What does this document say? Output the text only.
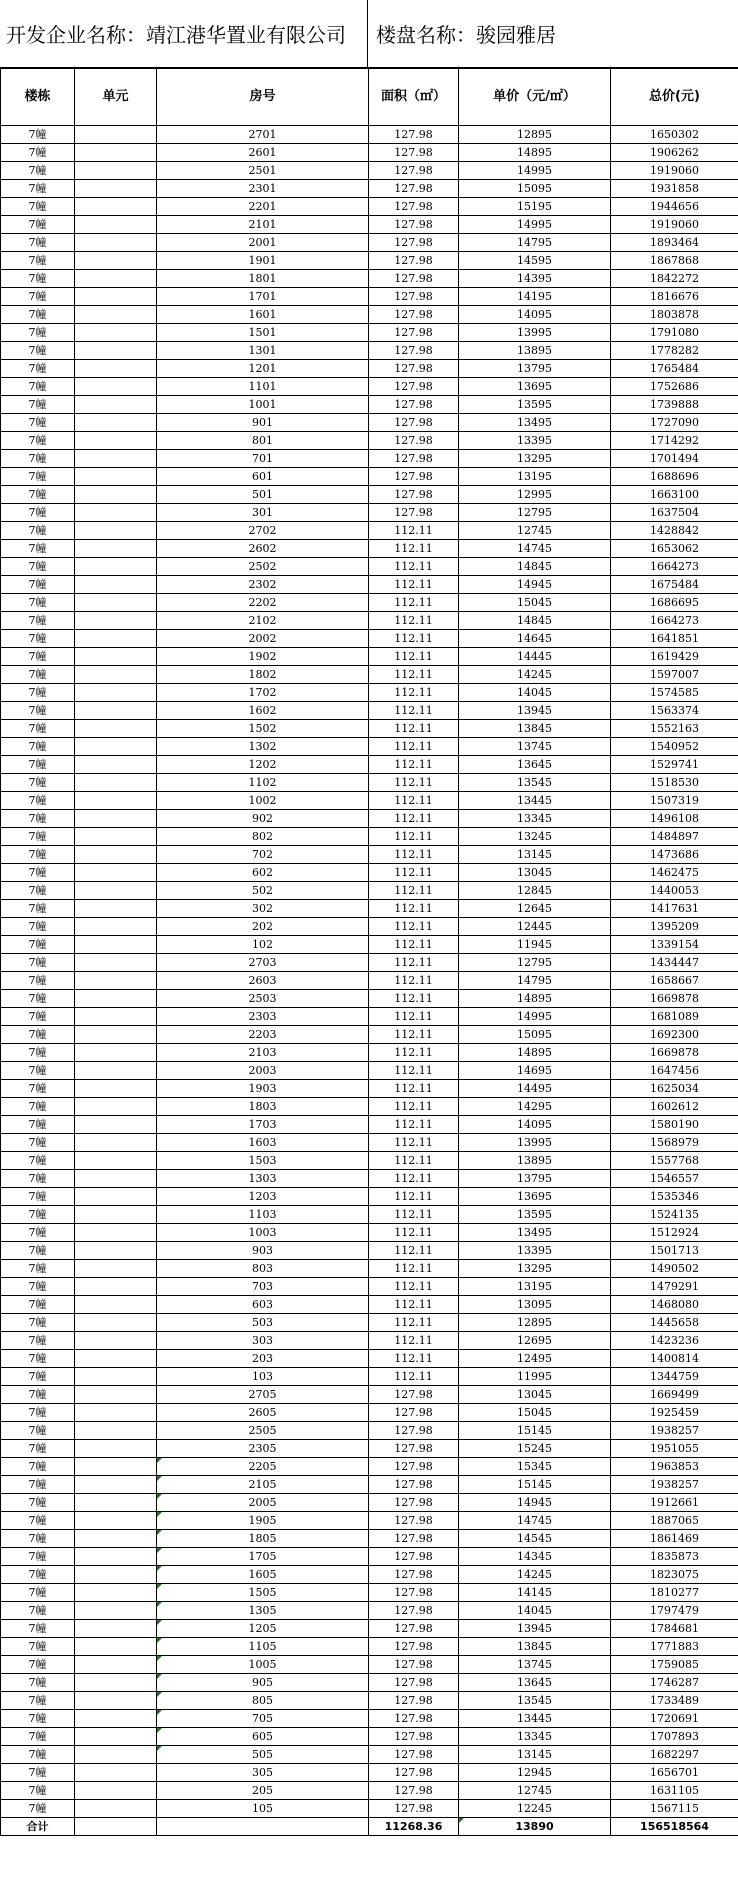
开发企业名称：靖江港华置业有限公司	楼盘名称：骏园雅居
楼栋	单元	房号	面积（㎡）	单价（元/㎡）	总价(元)
7幢		2701	127.98	12895	1650302
7幢		2601	127.98	14895	1906262
7幢		2501	127.98	14995	1919060
7幢		2301	127.98	15095	1931858
7幢		2201	127.98	15195	1944656
7幢		2101	127.98	14995	1919060
7幢		2001	127.98	14795	1893464
7幢		1901	127.98	14595	1867868
7幢		1801	127.98	14395	1842272
7幢		1701	127.98	14195	1816676
7幢		1601	127.98	14095	1803878
7幢		1501	127.98	13995	1791080
7幢		1301	127.98	13895	1778282
7幢		1201	127.98	13795	1765484
7幢		1101	127.98	13695	1752686
7幢		1001	127.98	13595	1739888
7幢		901	127.98	13495	1727090
7幢		801	127.98	13395	1714292
7幢		701	127.98	13295	1701494
7幢		601	127.98	13195	1688696
7幢		501	127.98	12995	1663100
7幢		301	127.98	12795	1637504
7幢		2702	112.11	12745	1428842
7幢		2602	112.11	14745	1653062
7幢		2502	112.11	14845	1664273
7幢		2302	112.11	14945	1675484
7幢		2202	112.11	15045	1686695
7幢		2102	112.11	14845	1664273
7幢		2002	112.11	14645	1641851
7幢		1902	112.11	14445	1619429
7幢		1802	112.11	14245	1597007
7幢		1702	112.11	14045	1574585
7幢		1602	112.11	13945	1563374
7幢		1502	112.11	13845	1552163
7幢		1302	112.11	13745	1540952
7幢		1202	112.11	13645	1529741
7幢		1102	112.11	13545	1518530
7幢		1002	112.11	13445	1507319
7幢		902	112.11	13345	1496108
7幢		802	112.11	13245	1484897
7幢		702	112.11	13145	1473686
7幢		602	112.11	13045	1462475
7幢		502	112.11	12845	1440053
7幢		302	112.11	12645	1417631
7幢		202	112.11	12445	1395209
7幢		102	112.11	11945	1339154
7幢		2703	112.11	12795	1434447
7幢		2603	112.11	14795	1658667
7幢		2503	112.11	14895	1669878
7幢		2303	112.11	14995	1681089
7幢		2203	112.11	15095	1692300
7幢		2103	112.11	14895	1669878
7幢		2003	112.11	14695	1647456
7幢		1903	112.11	14495	1625034
7幢		1803	112.11	14295	1602612
7幢		1703	112.11	14095	1580190
7幢		1603	112.11	13995	1568979
7幢		1503	112.11	13895	1557768
7幢		1303	112.11	13795	1546557
7幢		1203	112.11	13695	1535346
7幢		1103	112.11	13595	1524135
7幢		1003	112.11	13495	1512924
7幢		903	112.11	13395	1501713
7幢		803	112.11	13295	1490502
7幢		703	112.11	13195	1479291
7幢		603	112.11	13095	1468080
7幢		503	112.11	12895	1445658
7幢		303	112.11	12695	1423236
7幢		203	112.11	12495	1400814
7幢		103	112.11	11995	1344759
7幢		2705	127.98	13045	1669499
7幢		2605	127.98	15045	1925459
7幢		2505	127.98	15145	1938257
7幢		2305	127.98	15245	1951055
7幢		2205	127.98	15345	1963853
7幢		2105	127.98	15145	1938257
7幢		2005	127.98	14945	1912661
7幢		1905	127.98	14745	1887065
7幢		1805	127.98	14545	1861469
7幢		1705	127.98	14345	1835873
7幢		1605	127.98	14245	1823075
7幢		1505	127.98	14145	1810277
7幢		1305	127.98	14045	1797479
7幢		1205	127.98	13945	1784681
7幢		1105	127.98	13845	1771883
7幢		1005	127.98	13745	1759085
7幢		905	127.98	13645	1746287
7幢		805	127.98	13545	1733489
7幢		705	127.98	13445	1720691
7幢		605	127.98	13345	1707893
7幢		505	127.98	13145	1682297
7幢		305	127.98	12945	1656701
7幢		205	127.98	12745	1631105
7幢		105	127.98	12245	1567115
合计			11268.36	13890	156518564
